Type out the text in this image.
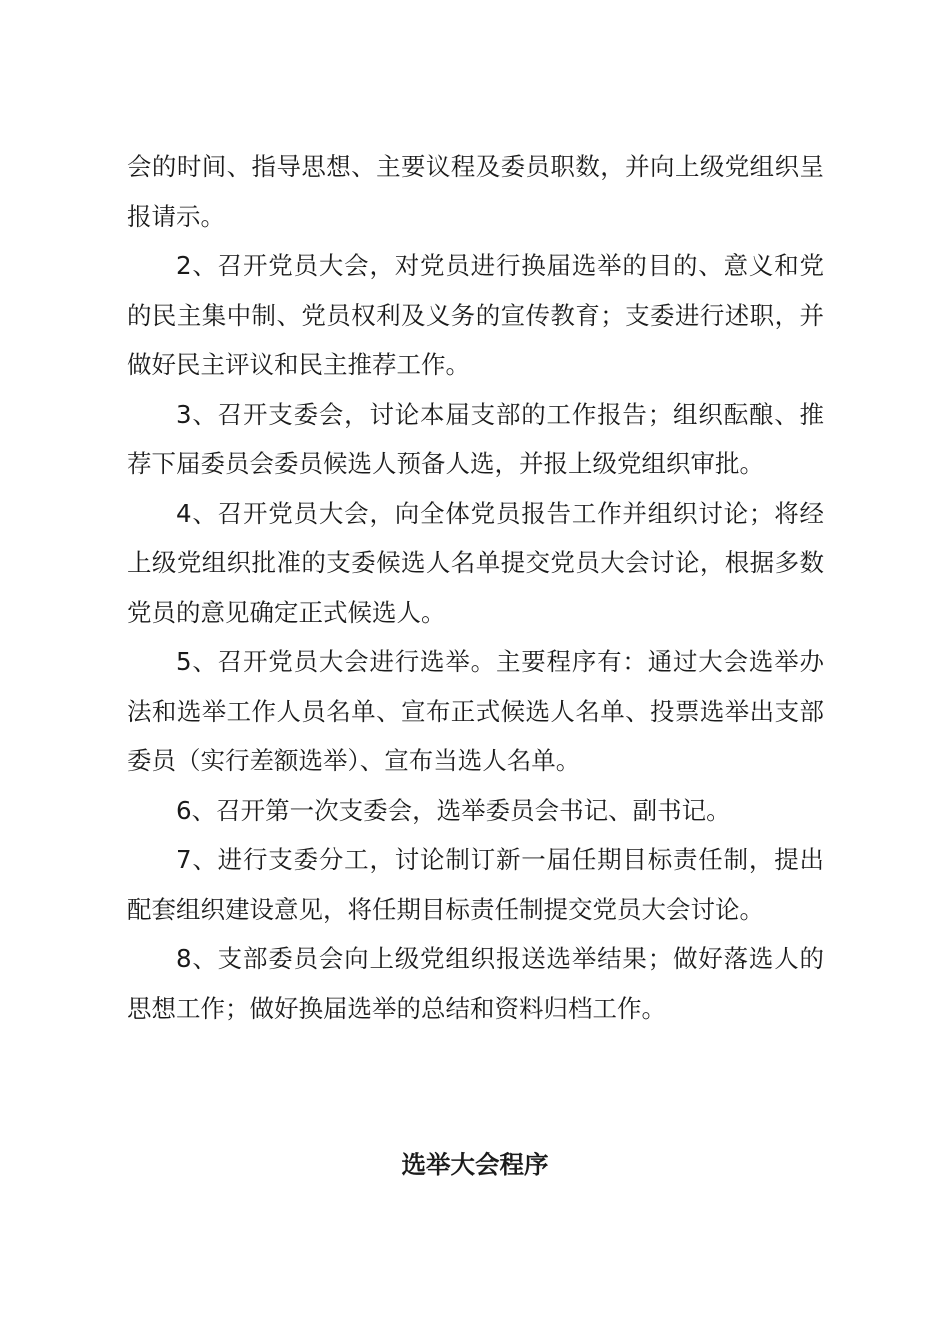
会的时间、指导思想、主要议程及委员职数，并向上级党组织呈报请示。

2、召开党员大会，对党员进行换届选举的目的、意义和党的民主集中制、党员权利及义务的宣传教育；支委进行述职，并做好民主评议和民主推荐工作。

3、召开支委会，讨论本届支部的工作报告；组织酝酿、推荐下届委员会委员候选人预备人选，并报上级党组织审批。

4、召开党员大会，向全体党员报告工作并组织讨论；将经上级党组织批准的支委候选人名单提交党员大会讨论，根据多数党员的意见确定正式候选人。

5、召开党员大会进行选举。主要程序有：通过大会选举办法和选举工作人员名单、宣布正式候选人名单、投票选举出支部委员（实行差额选举）、宣布当选人名单。

6、召开第一次支委会，选举委员会书记、副书记。

7、进行支委分工，讨论制订新一届任期目标责任制，提出配套组织建设意见，将任期目标责任制提交党员大会讨论。

8、支部委员会向上级党组织报送选举结果；做好落选人的思想工作；做好换届选举的总结和资料归档工作。

选举大会程序
